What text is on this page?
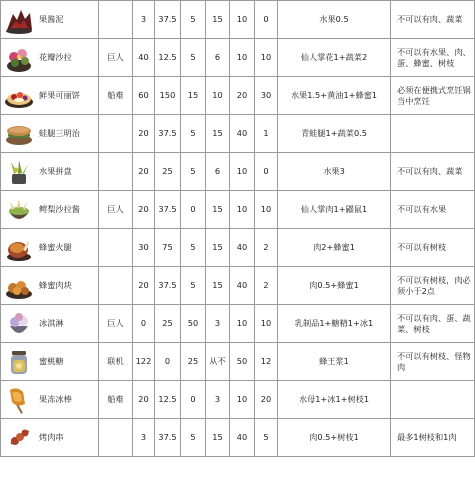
果酱泥		3	37.5	5	15	10	0	水果0.5	不可以有肉、蔬菜

花瓣沙拉	巨人	40	12.5	5	6	10	10	仙人掌花1+蔬菜2	不可以有水果、肉、蛋、蜂蜜、树枝

鲜果可丽饼	船难	60	150	15	10	20	30	水果1.5+黄油1+蜂蜜1	必须在便携式烹饪锅当中烹饪

蛙腿三明治		20	37.5	5	15	40	1	青蛙腿1+蔬菜0.5	

水果拼盘		20	25	5	6	10	0	水果3	不可以有肉、蔬菜

鳄梨沙拉酱	巨人	20	37.5	0	15	10	10	仙人掌肉1+鼹鼠1	不可以有水果

蜂蜜火腿		30	75	5	15	40	2	肉2+蜂蜜1	不可以有树枝

蜂蜜肉块		20	37.5	5	15	40	2	肉0.5+蜂蜜1	不可以有树枝，肉必须小于2点

冰淇淋	巨人	0	25	50	3	10	10	乳制品1+糖精1+冰1	不可以有肉、蛋、蔬菜、树枝

蜜桃糖	联机	122	0	25	从不	50	12	蜂王浆1	不可以有树枝、怪物肉

果冻冰棒	船难	20	12.5	0	3	10	20	水母1+冰1+树枝1	

烤肉串		3	37.5	5	15	40	5	肉0.5+树枝1	最多1树枝和1肉
